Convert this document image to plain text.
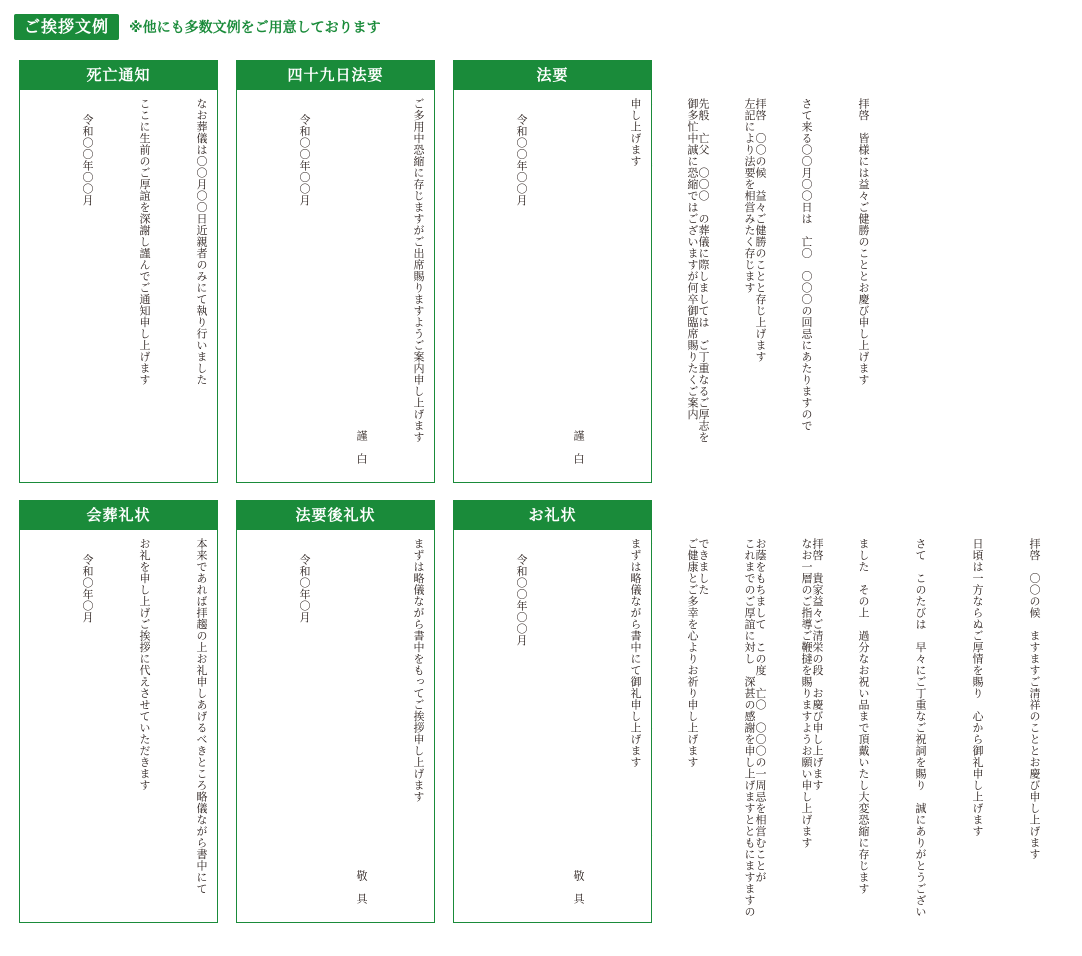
ご挨拶文例	※他にも多数文例をご用意しております
死亡通知

なお葬儀は〇〇月〇〇日近親者のみにて執り行いました

ここに生前のご厚誼を深謝し謹んでご通知申し上げます

令和〇〇年〇〇月

四十九日法要

拝啓　〇〇の候　益々ご健勝のことと存じ上げます

先般　亡父　〇〇〇　の葬儀に際しましては　ご丁重なるご厚志を

ご多用中恐縮に存じますがご出席賜りますようご案内申し上げます

謹　白

令和〇〇年〇〇月

法要

拝啓　皆様には益々ご健勝のこととお慶び申し上げます

さて来る〇〇月〇〇日は　亡〇　〇〇〇の回忌にあたりますので

左記により法要を相営みたく存じます

御多忙中誠に恐縮ではございますが何卒御臨席賜りたくご案内

申し上げます

謹　白

令和〇〇年〇〇月

会葬礼状

本来であれば拝趨の上お礼申しあげるべきところ略儀ながら書中にて

お礼を申し上げご挨拶に代えさせていただきます

令和〇年〇月

法要後礼状

拝啓　貴家益々ご清栄の段　お慶び申し上げます

お蔭をもちまして　この度　亡〇　〇〇〇の一周忌を相営むことが

できました

まずは略儀ながら書中をもってご挨拶申し上げます

敬　具

令和〇年〇月

お礼状

拝啓　〇〇の候　ますますご清祥のこととお慶び申し上げます

日頃は一方ならぬご厚情を賜り　心から御礼申し上げます

さて　このたびは　早々にご丁重なご祝詞を賜り　誠にありがとうござい

ました　その上　過分なお祝い品まで頂戴いたし大変恐縮に存じます

なお一層のご指導ご鞭撻を賜りますようお願い申し上げます

これまでのご厚誼に対し　深甚の感謝を申し上げますとともにますますの

ご健康とご多幸を心よりお祈り申し上げます

まずは略儀ながら書中にて御礼申し上げます

敬　具

令和〇〇年〇〇月
